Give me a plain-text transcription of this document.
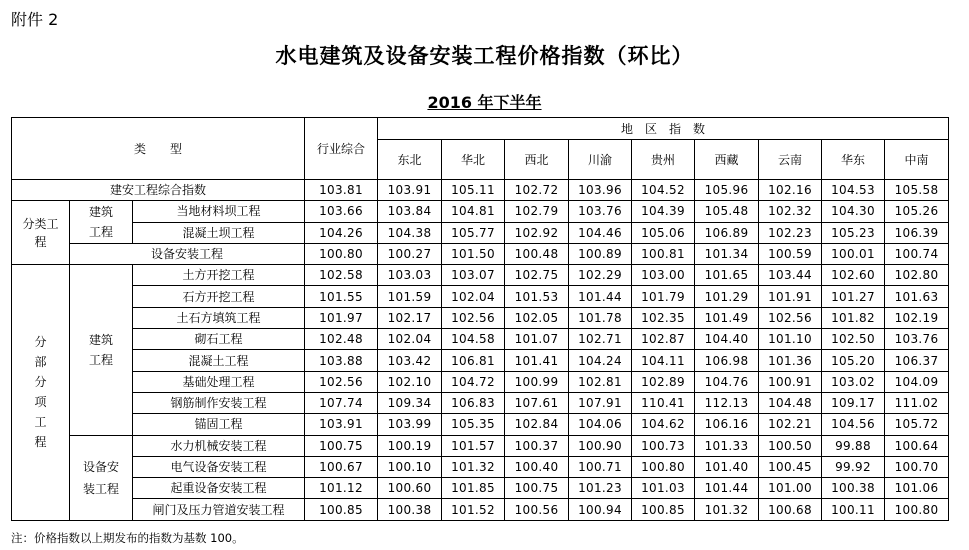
附件 2
水电建筑及设备安装工程价格指数（环比）
2016 年下半年
类　　型			行业综合	地　区　指　数								
				东北	华北	西北	川渝	贵州	西藏	云南	华东	中南
建安工程综合指数			103.81	103.91	105.11	102.72	103.96	104.52	105.96	102.16	104.53	105.58
分类工程	建筑工程	当地材料坝工程	103.66	103.84	104.81	102.79	103.76	104.39	105.48	102.32	104.30	105.26
		混凝土坝工程	104.26	104.38	105.77	102.92	104.46	105.06	106.89	102.23	105.23	106.39
	设备安装工程		100.80	100.27	101.50	100.48	100.89	100.81	101.34	100.59	100.01	100.74
分部分项工程	建筑工程	土方开挖工程	102.58	103.03	103.07	102.75	102.29	103.00	101.65	103.44	102.60	102.80
		石方开挖工程	101.55	101.59	102.04	101.53	101.44	101.79	101.29	101.91	101.27	101.63
		土石方填筑工程	101.97	102.17	102.56	102.05	101.78	102.35	101.49	102.56	101.82	102.19
		砌石工程	102.48	102.04	104.58	101.07	102.71	102.87	104.40	101.10	102.50	103.76
		混凝土工程	103.88	103.42	106.81	101.41	104.24	104.11	106.98	101.36	105.20	106.37
		基础处理工程	102.56	102.10	104.72	100.99	102.81	102.89	104.76	100.91	103.02	104.09
		钢筋制作安装工程	107.74	109.34	106.83	107.61	107.91	110.41	112.13	104.48	109.17	111.02
		锚固工程	103.91	103.99	105.35	102.84	104.06	104.62	106.16	102.21	104.56	105.72
	设备安装工程	水力机械安装工程	100.75	100.19	101.57	100.37	100.90	100.73	101.33	100.50	99.88	100.64
		电气设备安装工程	100.67	100.10	101.32	100.40	100.71	100.80	101.40	100.45	99.92	100.70
		起重设备安装工程	101.12	100.60	101.85	100.75	101.23	101.03	101.44	101.00	100.38	101.06
		闸门及压力管道安装工程	100.85	100.38	101.52	100.56	100.94	100.85	101.32	100.68	100.11	100.80
注：价格指数以上期发布的指数为基数 100。
